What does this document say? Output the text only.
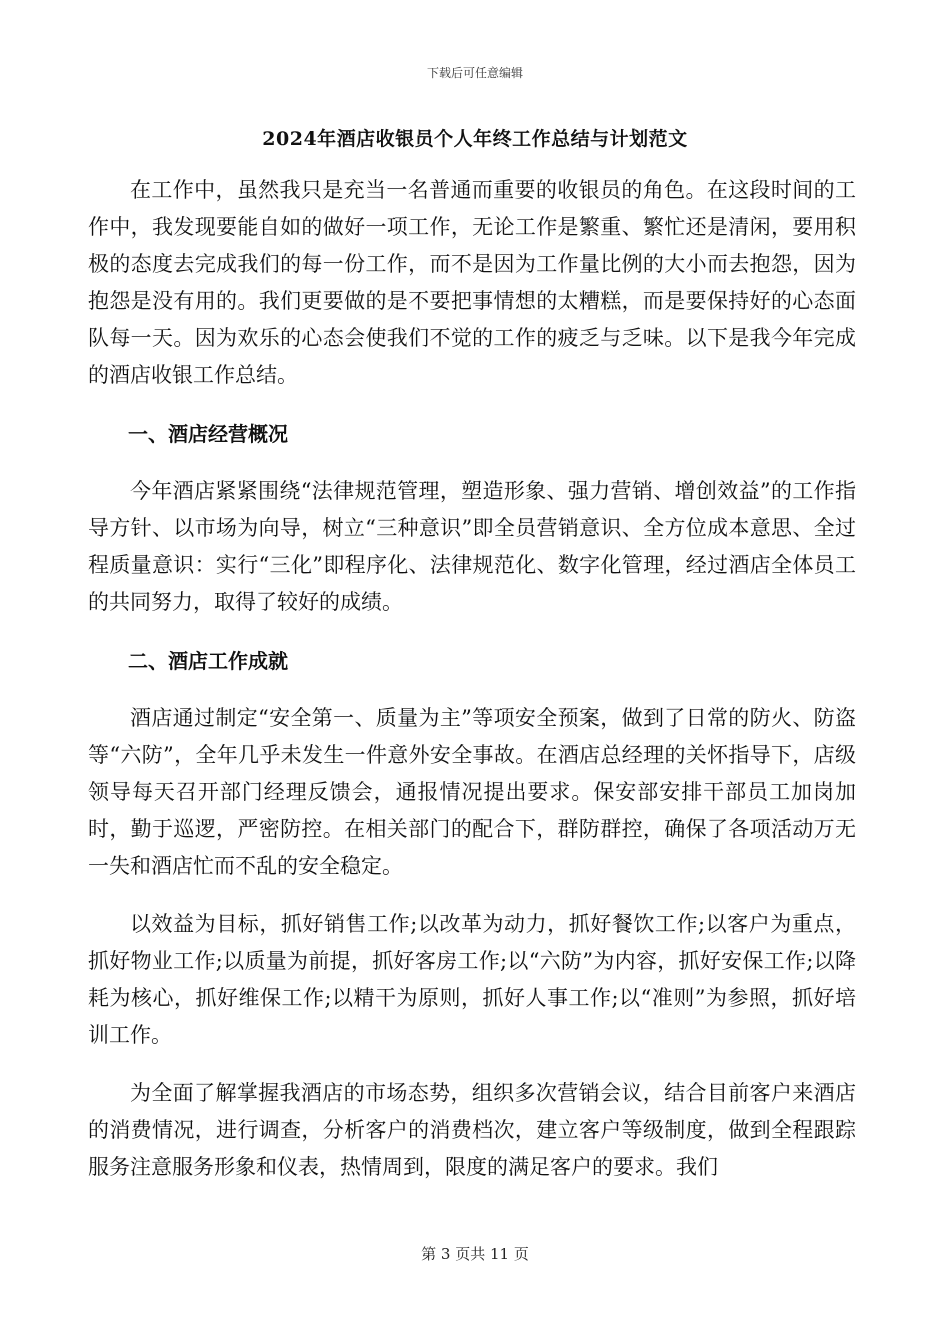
下载后可任意编辑
2024年酒店收银员个人年终工作总结与计划范文

在工作中，虽然我只是充当一名普通而重要的收银员的角色。在这段时间的工作中，我发现要能自如的做好一项工作，无论工作是繁重、繁忙还是清闲，要用积极的态度去完成我们的每一份工作，而不是因为工作量比例的大小而去抱怨，因为抱怨是没有用的。我们更要做的是不要把事情想的太糟糕，而是要保持好的心态面队每一天。因为欢乐的心态会使我们不觉的工作的疲乏与乏味。以下是我今年完成的酒店收银工作总结。

一、酒店经营概况

今年酒店紧紧围绕“法律规范管理，塑造形象、强力营销、增创效益”的工作指导方针、以市场为向导，树立“三种意识”即全员营销意识、全方位成本意思、全过程质量意识：实行“三化”即程序化、法律规范化、数字化管理，经过酒店全体员工的共同努力，取得了较好的成绩。

二、酒店工作成就

酒店通过制定“安全第一、质量为主”等项安全预案，做到了日常的防火、防盗等“六防”，全年几乎未发生一件意外安全事故。在酒店总经理的关怀指导下，店级领导每天召开部门经理反馈会，通报情况提出要求。保安部安排干部员工加岗加时，勤于巡逻，严密防控。在相关部门的配合下，群防群控，确保了各项活动万无一失和酒店忙而不乱的安全稳定。

以效益为目标，抓好销售工作;以改革为动力，抓好餐饮工作;以客户为重点，抓好物业工作;以质量为前提，抓好客房工作;以“六防”为内容，抓好安保工作;以降耗为核心，抓好维保工作;以精干为原则，抓好人事工作;以“准则”为参照，抓好培训工作。

为全面了解掌握我酒店的市场态势，组织多次营销会议，结合目前客户来酒店的消费情况，进行调查，分析客户的消费档次，建立客户等级制度，做到全程跟踪服务注意服务形象和仪表，热情周到，限度的满足客户的要求。我们

第 3 页共 11 页
